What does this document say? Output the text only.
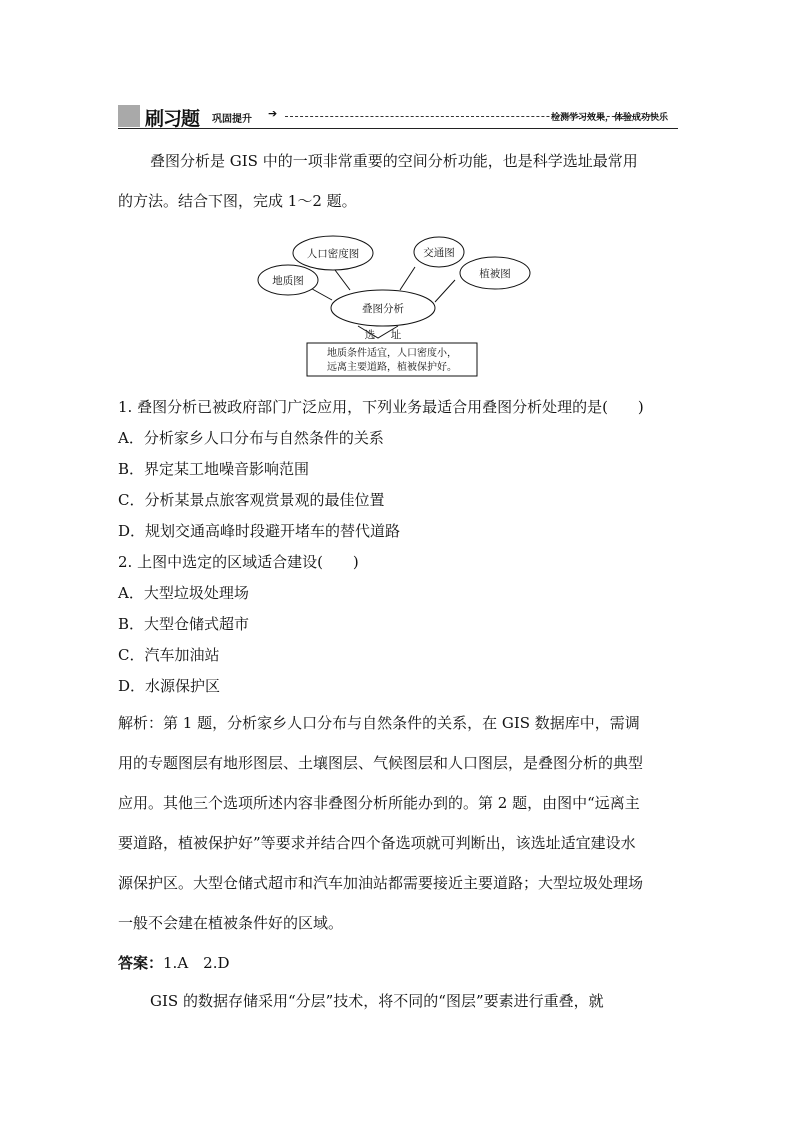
刷习题 巩固提升 ➔	检测学习效果，体验成功快乐
叠图分析是 GIS 中的一项非常重要的空间分析功能，也是科学选址最常用
的方法。结合下图，完成 1～2 题。
人口密度图	交通图
地质图
植被图
叠图分析
选 址
地质条件适宜，人口密度小，
远离主要道路，植被保护好。
1. 叠图分析已被政府部门广泛应用，下列业务最适合用叠图分析处理的是(　　)
A．分析家乡人口分布与自然条件的关系
B．界定某工地噪音影响范围
C．分析某景点旅客观赏景观的最佳位置
D．规划交通高峰时段避开堵车的替代道路
2. 上图中选定的区域适合建设(　　)
A．大型垃圾处理场
B．大型仓储式超市
C．汽车加油站
D．水源保护区
解析：第 1 题，分析家乡人口分布与自然条件的关系，在 GIS 数据库中，需调
用的专题图层有地形图层、土壤图层、气候图层和人口图层，是叠图分析的典型
应用。其他三个选项所述内容非叠图分析所能办到的。第 2 题，由图中“远离主
要道路，植被保护好”等要求并结合四个备选项就可判断出，该选址适宜建设水
源保护区。大型仓储式超市和汽车加油站都需要接近主要道路；大型垃圾处理场
一般不会建在植被条件好的区域。
答案：1.A　2.D
GIS 的数据存储采用“分层”技术，将不同的“图层”要素进行重叠，就
